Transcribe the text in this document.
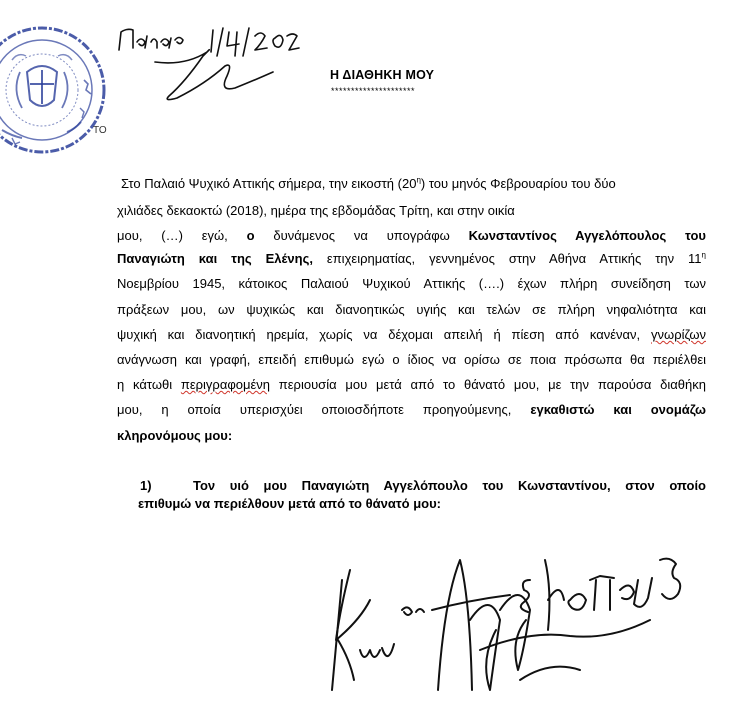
ΤΟ
Η ΔΙΑΘΗΚΗ ΜΟΥ
*********************
Στο Παλαιό Ψυχικό Αττικής σήμερα, την εικοστή $(20^\eta)$ του μηνός Φεβρουαρίου του δύο
χιλιάδες δεκαοκτώ (2018), ημέρα της εβδομάδας Τρίτη, και στην οικία
μου, (…) εγώ, ο δυνάμενος να υπογράφω Κωνσταντίνος Αγγελόπουλος του
Παναγιώτη και της Ελένης, επιχειρηματίας, γεννημένος στην Αθήνα Αττικής την $11^\eta$
Νοεμβρίου 1945, κάτοικος Παλαιού Ψυχικού Αττικής (….) έχων πλήρη συνείδηση των
πράξεων μου, ων ψυχικώς και διανοητικώς υγιής και τελών σε πλήρη νηφαλιότητα και
ψυχική και διανοητική ηρεμία, χωρίς να δέχομαι απειλή ή πίεση από κανέναν, γνωρίζων
ανάγνωση και γραφή, επειδή επιθυμώ εγώ ο ίδιος να ορίσω σε ποια πρόσωπα θα περιέλθει
η κάτωθι περιγραφομένη περιουσία μου μετά από το θάνατό μου, με την παρούσα διαθήκη
μου, η οποία υπερισχύει οποιοσδήποτε προηγούμενης, εγκαθιστώ και ονομάζω
κληρονόμους μου:
1)	Τον υιό μου Παναγιώτη Αγγελόπουλο του Κωνσταντίνου, στον οποίο
επιθυμώ να περιέλθουν μετά από το θάνατό μου:
